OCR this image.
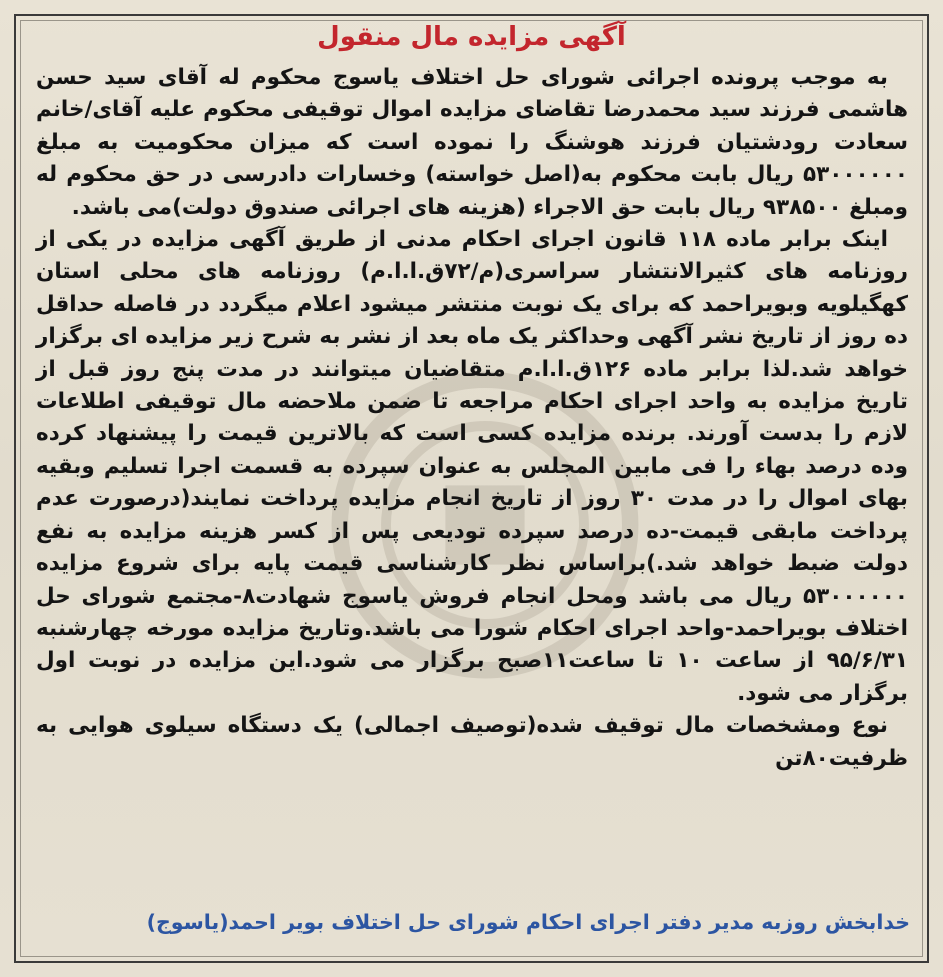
آگهی مزایده مال منقول

به موجب پرونده اجرائی شورای حل اختلاف یاسوج محکوم له آقای سید حسن هاشمی فرزند سید محمدرضا تقاضای مزایده اموال توقیفی محکوم علیه آقای/خانم سعادت رودشتیان فرزند هوشنگ را نموده است که میزان محکومیت به مبلغ ۵۳۰۰۰۰۰۰ ریال بابت محکوم به(اصل خواسته) وخسارات دادرسی در حق محکوم له ومبلغ ۹۳۸۵۰۰ ریال بابت حق الاجراء (هزینه های اجرائی صندوق دولت)می باشد.

اینک برابر ماده ۱۱۸ قانون اجرای احکام مدنی از طریق آگهی مزایده در یکی از روزنامه های کثیرالانتشار سراسری(م/۷۲ق.ا.ا.م) روزنامه های محلی استان کهگیلویه وبویراحمد که برای یک نوبت منتشر میشود اعلام میگردد در فاصله حداقل ده روز از تاریخ نشر آگهی وحداکثر یک ماه بعد از نشر به شرح زیر مزایده ای برگزار خواهد شد.لذا برابر ماده ۱۲۶ق.ا.ا.م متقاضیان میتوانند در مدت پنج روز قبل از تاریخ مزایده به واحد اجرای احکام مراجعه تا ضمن ملاحضه مال توقیفی اطلاعات لازم را بدست آورند. برنده مزایده کسی است که بالاترین قیمت را پیشنهاد کرده وده درصد بهاء را فی مابین المجلس به عنوان سپرده به قسمت اجرا تسلیم وبقیه بهای اموال را در مدت ۳۰ روز از تاریخ انجام مزایده پرداخت نمایند(درصورت عدم پرداخت مابقی قیمت-ده درصد سپرده تودیعی پس از کسر هزینه مزایده به نفع دولت ضبط خواهد شد.)براساس نظر کارشناسی قیمت پایه برای شروع مزایده ۵۳۰۰۰۰۰۰ ریال می باشد ومحل انجام فروش یاسوج شهادت۸-مجتمع شورای حل اختلاف بویراحمد-واحد اجرای احکام شورا می باشد.وتاریخ مزایده مورخه چهارشنبه ۹۵/۶/۳۱ از ساعت ۱۰ تا ساعت۱۱صبح برگزار می شود.این مزایده در نوبت اول برگزار می شود.

نوع ومشخصات مال توقیف شده(توصیف اجمالی) یک دستگاه سیلوی هوایی به ظرفیت۸۰تن

خدابخش روزبه مدیر دفتر اجرای احکام شورای حل اختلاف بویر احمد(یاسوج)
